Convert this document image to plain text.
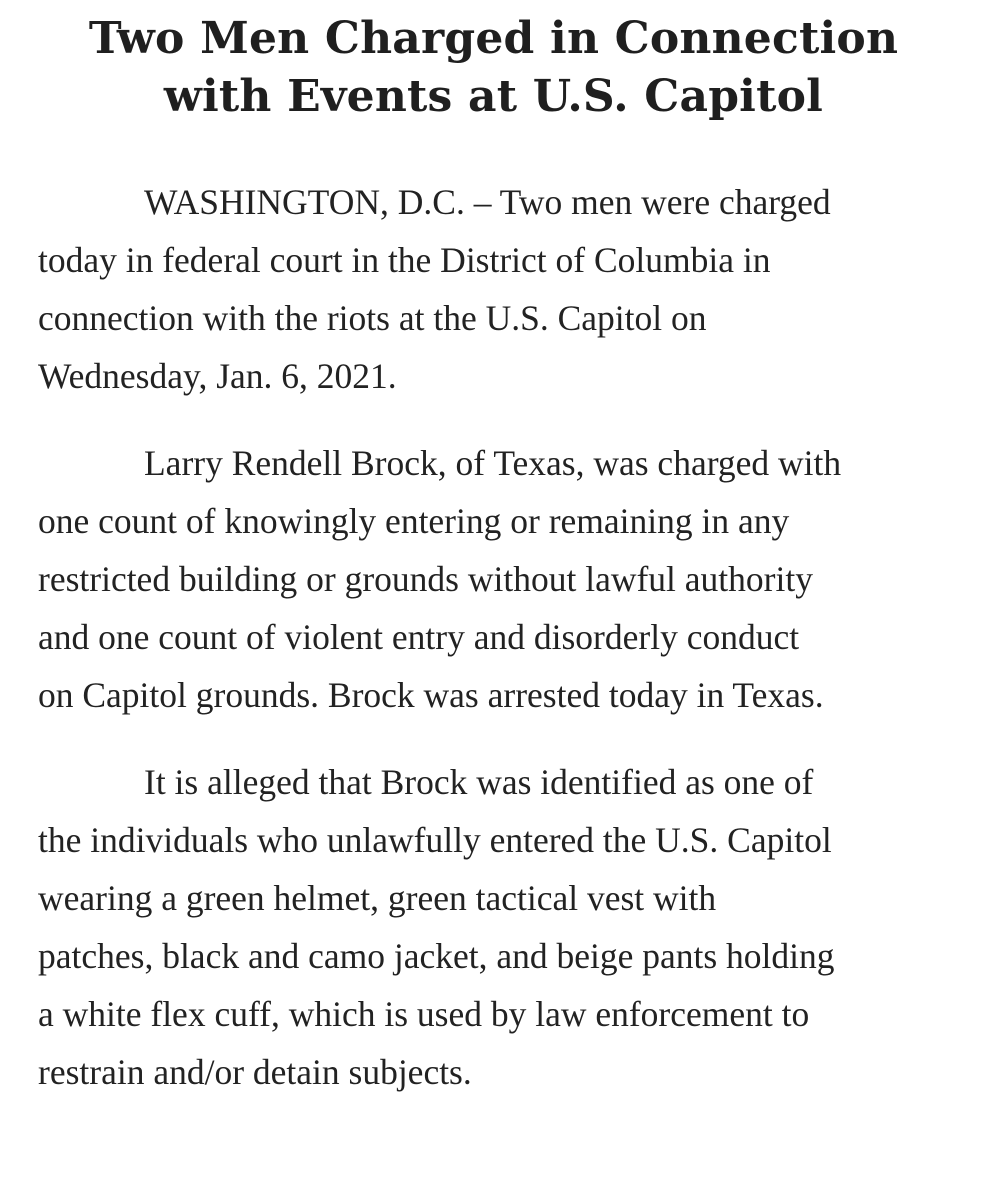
Two Men Charged in Connection
with Events at U.S. Capitol

WASHINGTON, D.C. – Two men were charged
today in federal court in the District of Columbia in
connection with the riots at the U.S. Capitol on
Wednesday, Jan. 6, 2021.

Larry Rendell Brock, of Texas, was charged with
one count of knowingly entering or remaining in any
restricted building or grounds without lawful authority
and one count of violent entry and disorderly conduct
on Capitol grounds. Brock was arrested today in Texas.

It is alleged that Brock was identified as one of
the individuals who unlawfully entered the U.S. Capitol
wearing a green helmet, green tactical vest with
patches, black and camo jacket, and beige pants holding
a white flex cuff, which is used by law enforcement to
restrain and/or detain subjects.
